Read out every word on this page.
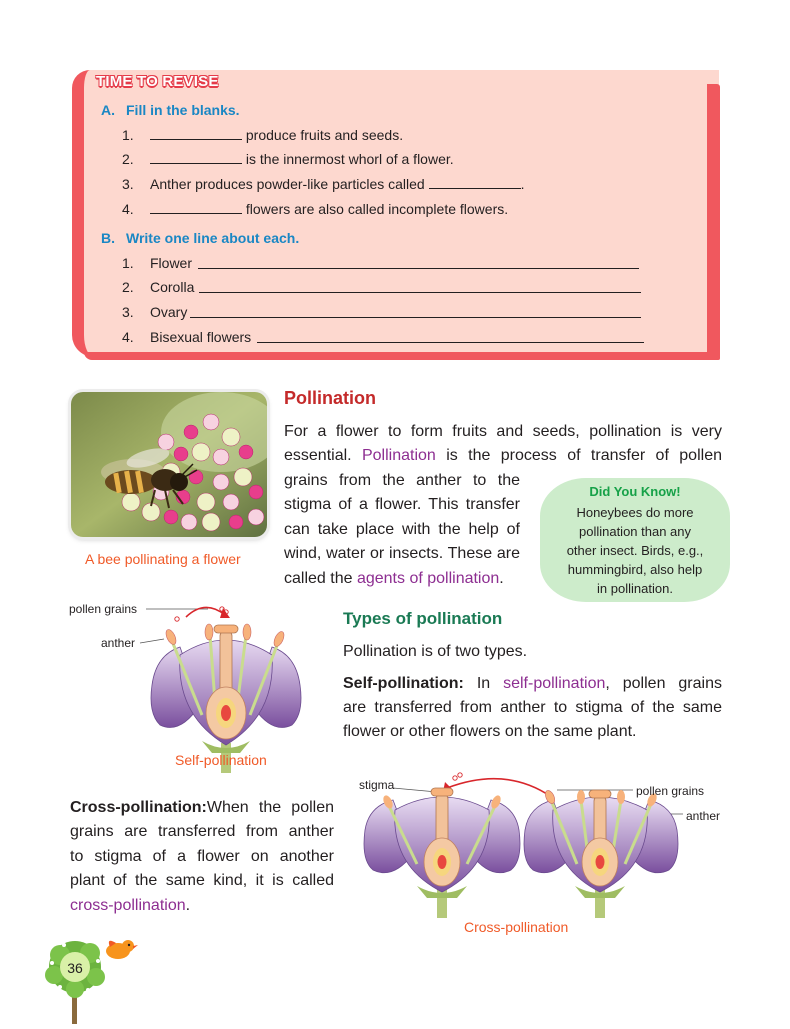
TIME TO REVISE
A. Fill in the blanks.
1.	produce fruits and seeds.
2.	is the innermost whorl of a flower.
3. Anther produces powder-like particles called	.
4.	flowers are also called incomplete flowers.
B. Write one line about each.
1. Flower
2. Corolla
3. Ovary
4. Bisexual flowers
A bee pollinating a flower
Pollination
For a flower to form fruits and seeds, pollination is very
essential. Pollination is the process of transfer of pollen
grains from the anther to the
stigma of a flower. This transfer
can take place with the help of
wind, water or insects. These are
called the agents of pollination.
Did You Know!
Honeybees do more
pollination than any
other insect. Birds, e.g.,
hummingbird, also help
in pollination.
pollen grains
anther
Self-pollination
Types of pollination
Pollination is of two types.
Self-pollination: In self-pollination, pollen grains
are transferred from anther to stigma of the same
flower or other flowers on the same plant.
Cross-pollination:When the pollen
grains are transferred from anther
to stigma of a flower on another
plant of the same kind, it is called
cross-pollination.
stigma	pollen grains
anther
Cross-pollination
36
